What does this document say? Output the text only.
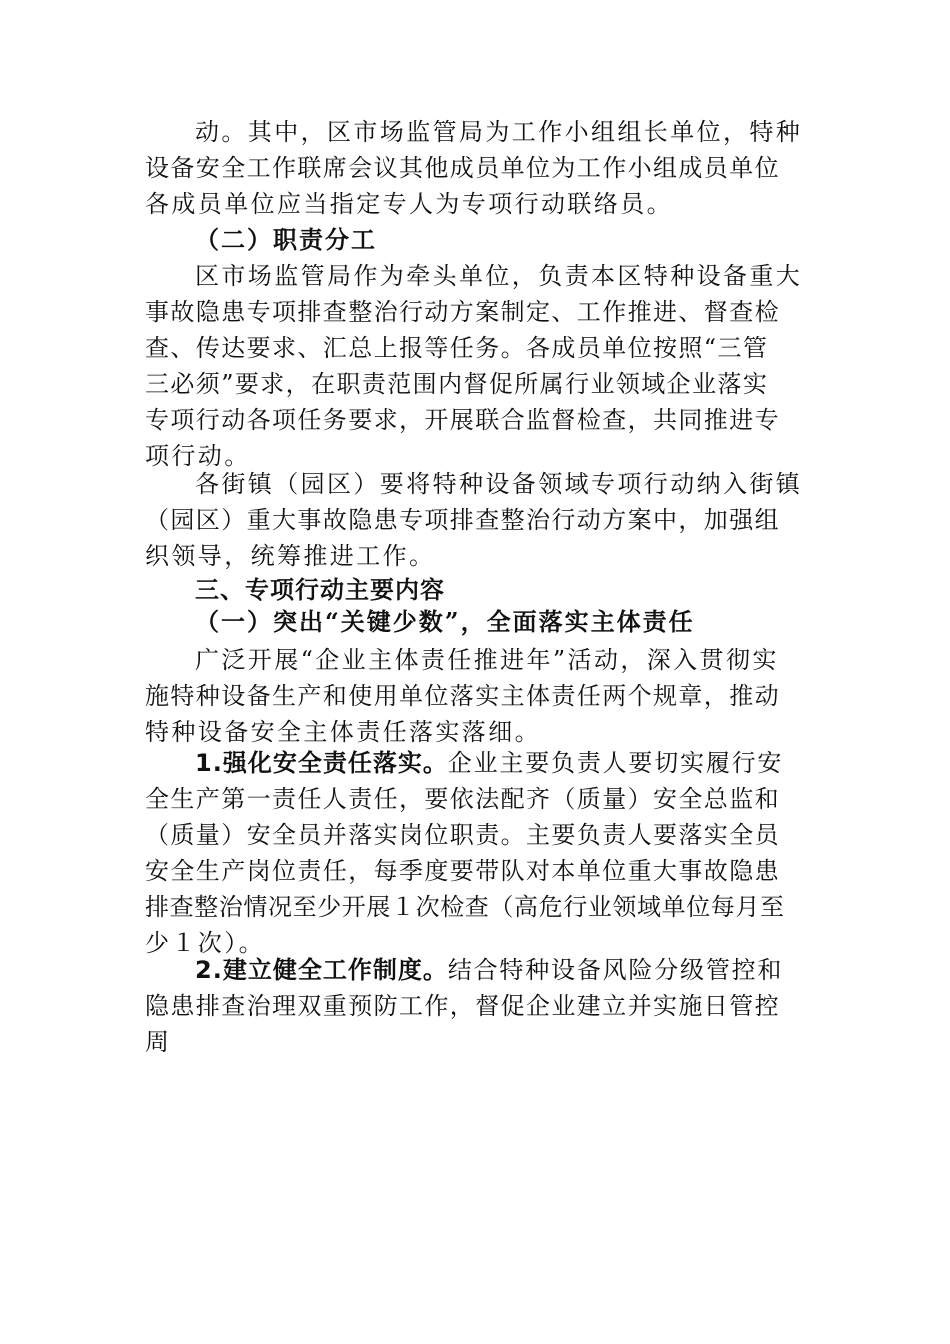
动。其中，区市场监管局为工作小组组长单位，特种
设备安全工作联席会议其他成员单位为工作小组成员单位
各成员单位应当指定专人为专项行动联络员。
（二）职责分工
区市场监管局作为牵头单位，负责本区特种设备重大
事故隐患专项排查整治行动方案制定、工作推进、督查检
查、传达要求、汇总上报等任务。各成员单位按照“三管
三必须”要求，在职责范围内督促所属行业领域企业落实
专项行动各项任务要求，开展联合监督检查，共同推进专
项行动。
各街镇（园区）要将特种设备领域专项行动纳入街镇
（园区）重大事故隐患专项排查整治行动方案中，加强组
织领导，统筹推进工作。
三、专项行动主要内容
（一）突出“关键少数”，全面落实主体责任
广泛开展“企业主体责任推进年”活动，深入贯彻实
施特种设备生产和使用单位落实主体责任两个规章，推动
特种设备安全主体责任落实落细。
1.强化安全责任落实。企业主要负责人要切实履行安
全生产第一责任人责任，要依法配齐（质量）安全总监和
（质量）安全员并落实岗位职责。主要负责人要落实全员
安全生产岗位责任，每季度要带队对本单位重大事故隐患
排查整治情况至少开展１次检查（高危行业领域单位每月至
少１次）。
2.建立健全工作制度。结合特种设备风险分级管控和
隐患排查治理双重预防工作，督促企业建立并实施日管控
周
